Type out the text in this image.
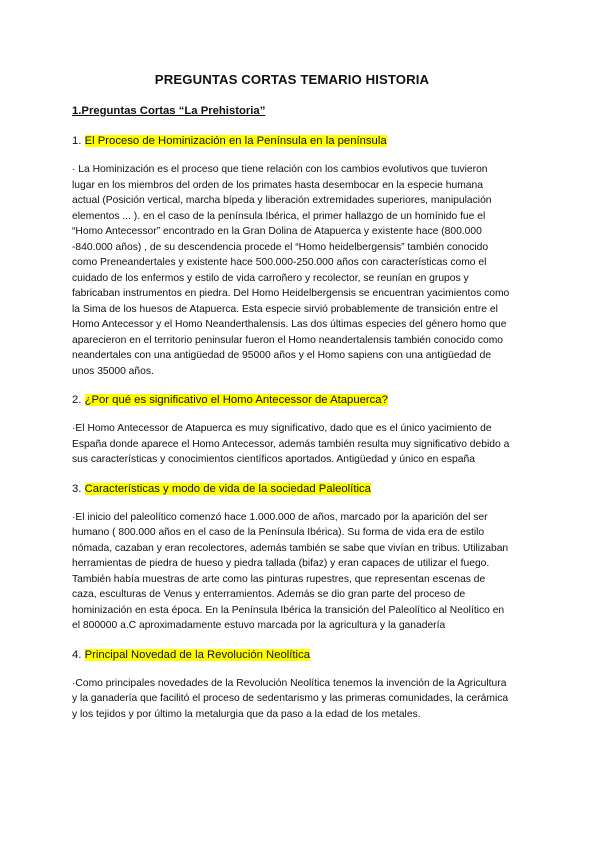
PREGUNTAS CORTAS TEMARIO HISTORIA
1.Preguntas Cortas “La Prehistoria”

1. El Proceso de Hominización en la Península en la península

· La Hominización es el proceso que tiene relación con los cambios evolutivos que tuvieron lugar en los miembros del orden de los primates hasta desembocar en la especie humana actual (Posición vertical, marcha bípeda y liberación extremidades superiores, manipulación elementos ... ). en el caso de la península Ibérica, el primer hallazgo de un homínido fue el “Homo Antecessor” encontrado en la Gran Dolina de Atapuerca y existente hace (800.000 -840.000 años) , de su descendencia procede el “Homo heidelbergensis” también conocido como Preneandertales y existente hace 500.000-250.000 años con características como el cuidado de los enfermos y estilo de vida carroñero y recolector, se reunían en grupos y fabricaban instrumentos en piedra. Del Homo Heidelbergensis se encuentran yacimientos como la Sima de los huesos de Atapuerca. Esta especie sirvió probablemente de transición entre el Homo Antecessor y el Homo Neanderthalensis. Las dos últimas especies del género homo que aparecieron en el territorio peninsular fueron el Homo neandertalensis también conocido como neandertales con una antigüedad de 95000 años y el Homo sapiens con una antigüedad de unos 35000 años.

2. ¿Por qué es significativo el Homo Antecessor de Atapuerca?

·El Homo Antecessor de Atapuerca es muy significativo, dado que es el único yacimiento de España donde aparece el Homo Antecessor, además también resulta muy significativo debido a sus características y conocimientos científicos aportados. Antigüedad y único en españa

3. Características y modo de vida de la sociedad Paleolítica

·El inicio del paleolítico comenzó hace 1.000.000 de años, marcado por la aparición del ser humano ( 800.000 años en el caso de la Península Ibérica). Su forma de vida era de estilo nómada, cazaban y eran recolectores, además también se sabe que vivían en tribus. Utilizaban herramientas de piedra de hueso y piedra tallada (bifaz) y eran capaces de utilizar el fuego. También había muestras de arte como las pinturas rupestres, que representan escenas de caza, esculturas de Venus y enterramientos. Además se dio gran parte del proceso de hominización en esta época. En la Península Ibérica la transición del Paleolítico al Neolítico en el 800000 a.C aproximadamente estuvo marcada por la agricultura y la ganadería

4. Principal Novedad de la Revolución Neolítica

·Como principales novedades de la Revolución Neolítica tenemos la invención de la Agricultura y la ganadería que facilitó el proceso de sedentarismo y las primeras comunidades, la cerámica y los tejidos y por último la metalurgia que da paso a la edad de los metales.
